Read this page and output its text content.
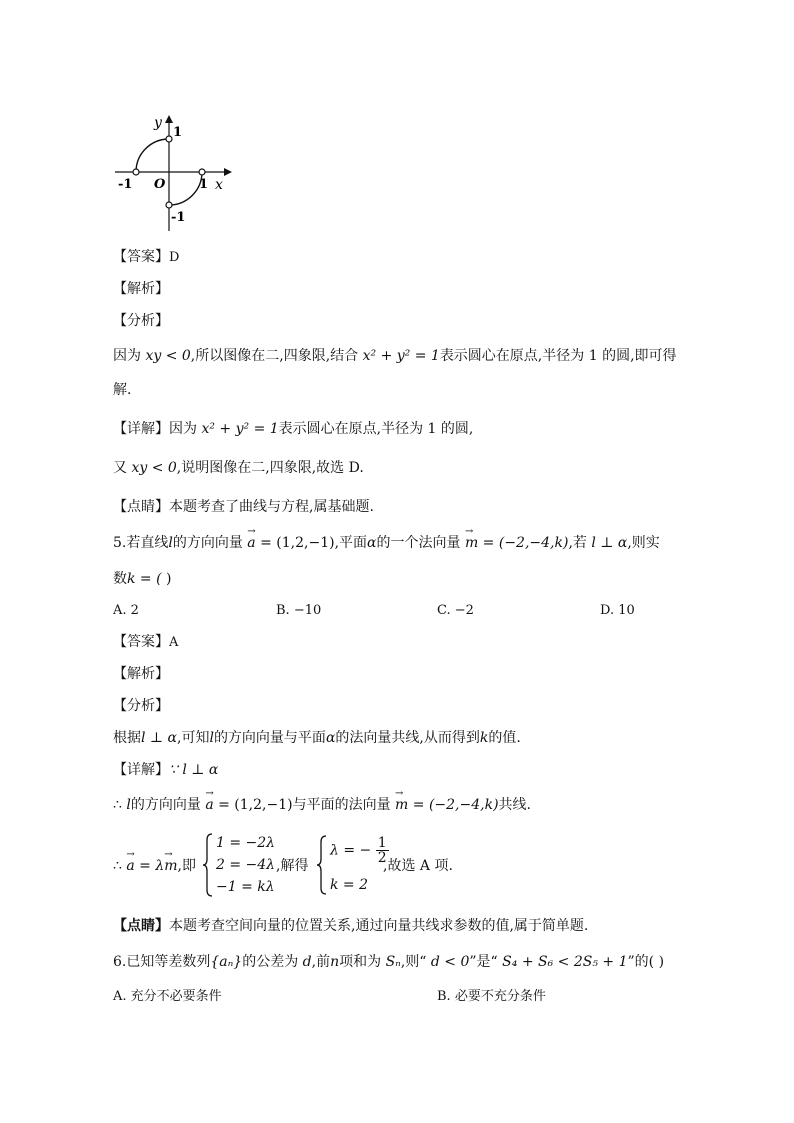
y
x
O
1
-1
-1	1
【答案】D
【解析】
【分析】
因为 xy < 0,所以图像在二,四象限,结合 x² + y² = 1表示圆心在原点,半径为 1 的圆,即可得
解.
【详解】因为 x² + y² = 1表示圆心在原点,半径为 1 的圆,
又 xy < 0,说明图像在二,四象限,故选 D.
【点睛】本题考查了曲线与方程,属基础题.
5.若直线l的方向向量 → a = (1,2,−1),平面α的一个法向量 → m = (−2,−4,k),若 l ⊥ α,则实
数k = ( )
A. 2	B. −10	C. −2	D. 10
【答案】A
【解析】
【分析】
根据l ⊥ α,可知l的方向向量与平面α的法向量共线,从而得到k的值.
【详解】∵ l ⊥ α
∴ l的方向向量 → a = (1,2,−1)与平面的法向量 → m = (−2,−4,k)共线.
∴ → a = λ→ m,即
1 = −2λ
2 = −4λ
−1 = kλ
,解得
λ = − $\frac{1}{2}$
k = 2
,故选 A 项.
【点睛】本题考查空间向量的位置关系,通过向量共线求参数的值,属于简单题.
6.已知等差数列{aₙ}的公差为 d,前n项和为 Sₙ,则“ d < 0”是“ S₄ + S₆ < 2S₅ + 1”的( )
A. 充分不必要条件	B. 必要不充分条件
